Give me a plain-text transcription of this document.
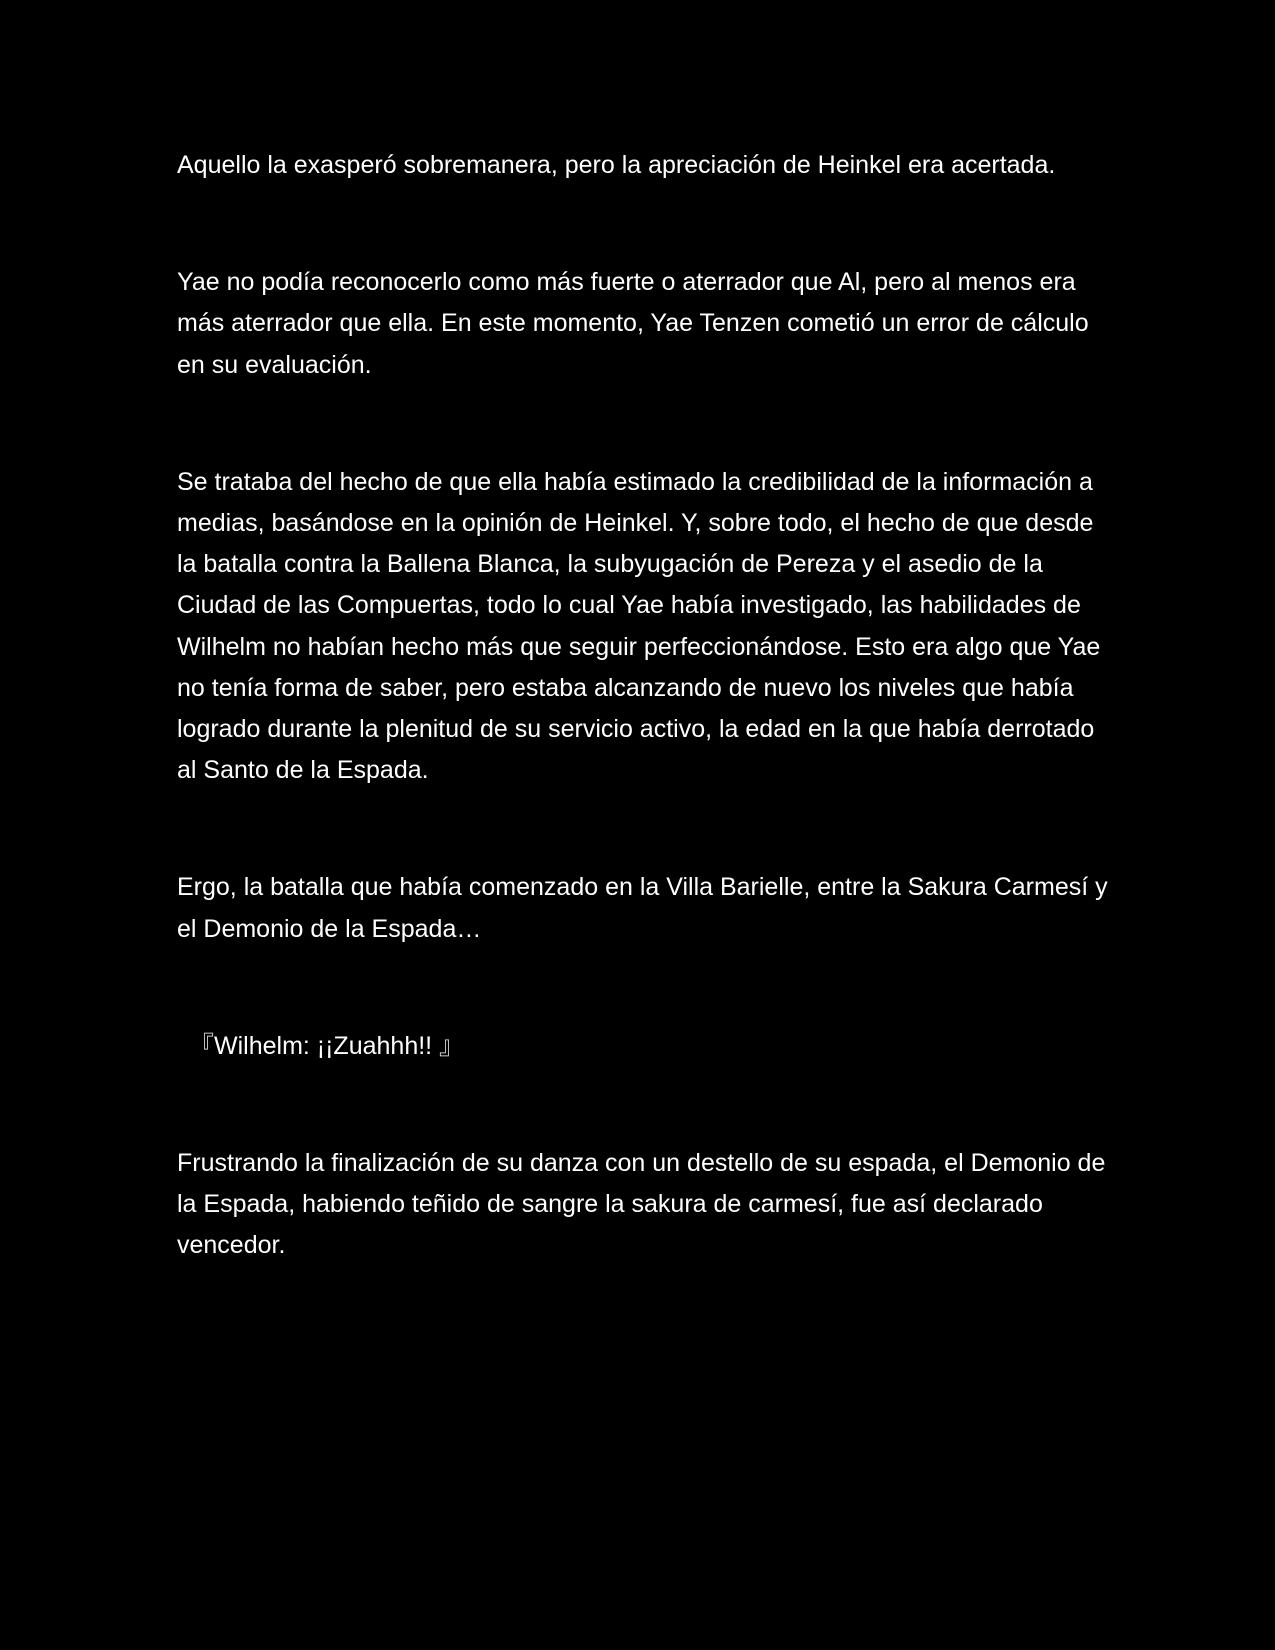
Aquello la exasperó sobremanera, pero la apreciación de Heinkel era acertada.

Yae no podía reconocerlo como más fuerte o aterrador que Al, pero al menos era más aterrador que ella. En este momento, Yae Tenzen cometió un error de cálculo en su evaluación.

Se trataba del hecho de que ella había estimado la credibilidad de la información a medias, basándose en la opinión de Heinkel. Y, sobre todo, el hecho de que desde la batalla contra la Ballena Blanca, la subyugación de Pereza y el asedio de la Ciudad de las Compuertas, todo lo cual Yae había investigado, las habilidades de Wilhelm no habían hecho más que seguir perfeccionándose. Esto era algo que Yae no tenía forma de saber, pero estaba alcanzando de nuevo los niveles que había logrado durante la plenitud de su servicio activo, la edad en la que había derrotado al Santo de la Espada.

Ergo, la batalla que había comenzado en la Villa Barielle, entre la Sakura Carmesí y el Demonio de la Espada…

『Wilhelm: ¡¡Zuahhh!! 』

Frustrando la finalización de su danza con un destello de su espada, el Demonio de la Espada, habiendo teñido de sangre la sakura de carmesí, fue así declarado vencedor.
